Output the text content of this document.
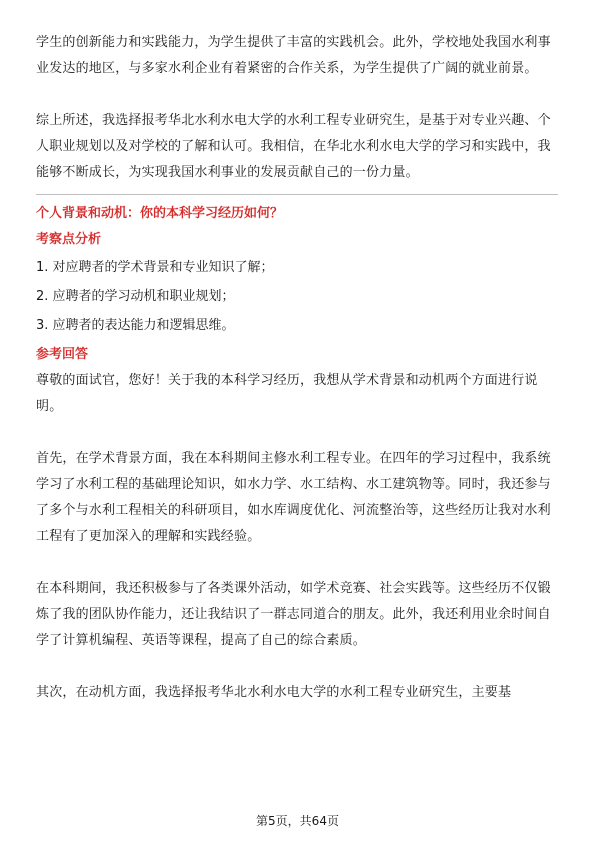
学生的创新能力和实践能力，为学生提供了丰富的实践机会。此外，学校地处我国水利事业发达的地区，与多家水利企业有着紧密的合作关系，为学生提供了广阔的就业前景。

综上所述，我选择报考华北水利水电大学的水利工程专业研究生，是基于对专业兴趣、个人职业规划以及对学校的了解和认可。我相信，在华北水利水电大学的学习和实践中，我能够不断成长，为实现我国水利事业的发展贡献自己的一份力量。

个人背景和动机：你的本科学习经历如何？

考察点分析

1. 对应聘者的学术背景和专业知识了解；

2. 应聘者的学习动机和职业规划；

3. 应聘者的表达能力和逻辑思维。

参考回答

尊敬的面试官，您好！关于我的本科学习经历，我想从学术背景和动机两个方面进行说明。

首先，在学术背景方面，我在本科期间主修水利工程专业。在四年的学习过程中，我系统学习了水利工程的基础理论知识，如水力学、水工结构、水工建筑物等。同时，我还参与了多个与水利工程相关的科研项目，如水库调度优化、河流整治等，这些经历让我对水利工程有了更加深入的理解和实践经验。

在本科期间，我还积极参与了各类课外活动，如学术竞赛、社会实践等。这些经历不仅锻炼了我的团队协作能力，还让我结识了一群志同道合的朋友。此外，我还利用业余时间自学了计算机编程、英语等课程，提高了自己的综合素质。

其次，在动机方面，我选择报考华北水利水电大学的水利工程专业研究生，主要基

第5页，共64页
